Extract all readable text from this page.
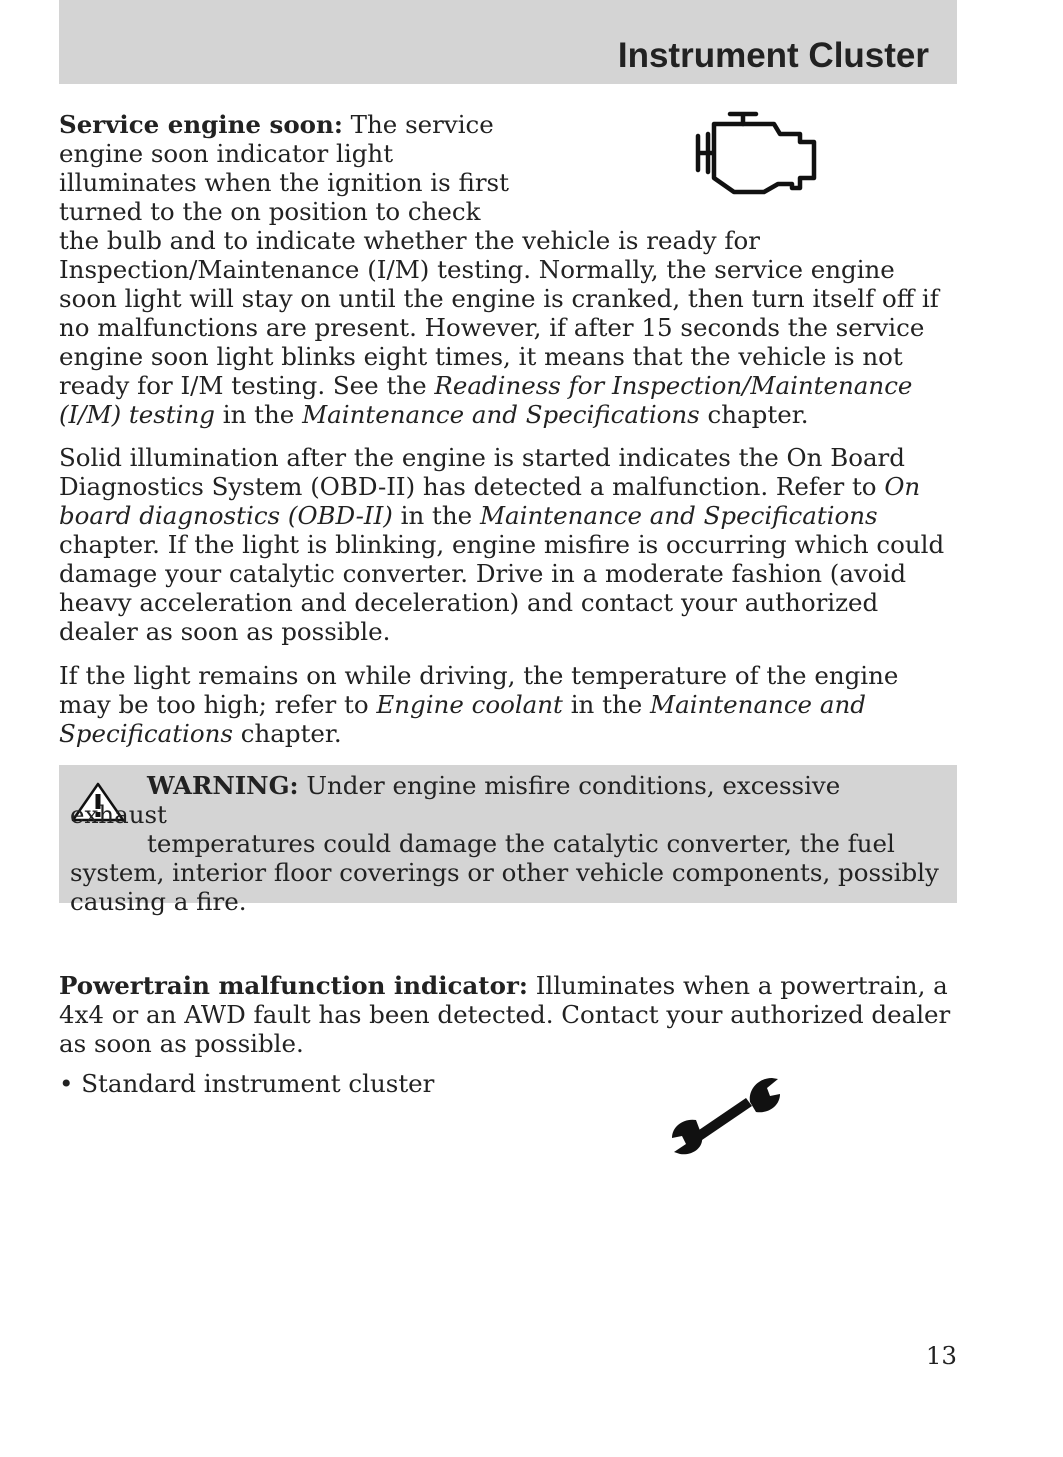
Instrument Cluster

Service engine soon: The service
engine soon indicator light
illuminates when the ignition is first
turned to the on position to check
the bulb and to indicate whether the vehicle is ready for Inspection/Maintenance (I/M) testing. Normally, the service engine soon light will stay on until the engine is cranked, then turn itself off if no malfunctions are present. However, if after 15 seconds the service engine soon light blinks eight times, it means that the vehicle is not ready for I/M testing. See the Readiness for Inspection/Maintenance (I/M) testing in the Maintenance and Specifications chapter.

Solid illumination after the engine is started indicates the On Board Diagnostics System (OBD-II) has detected a malfunction. Refer to On board diagnostics (OBD-II) in the Maintenance and Specifications chapter. If the light is blinking, engine misfire is occurring which could damage your catalytic converter. Drive in a moderate fashion (avoid heavy acceleration and deceleration) and contact your authorized dealer as soon as possible.

If the light remains on while driving, the temperature of the engine may be too high; refer to Engine coolant in the Maintenance and Specifications chapter.

WARNING: Under engine misfire conditions, excessive exhaust
temperatures could damage the catalytic converter, the fuel
system, interior floor coverings or other vehicle components, possibly causing a fire.

Powertrain malfunction indicator: Illuminates when a powertrain, a 4x4 or an AWD fault has been detected. Contact your authorized dealer as soon as possible.

• Standard instrument cluster
13
